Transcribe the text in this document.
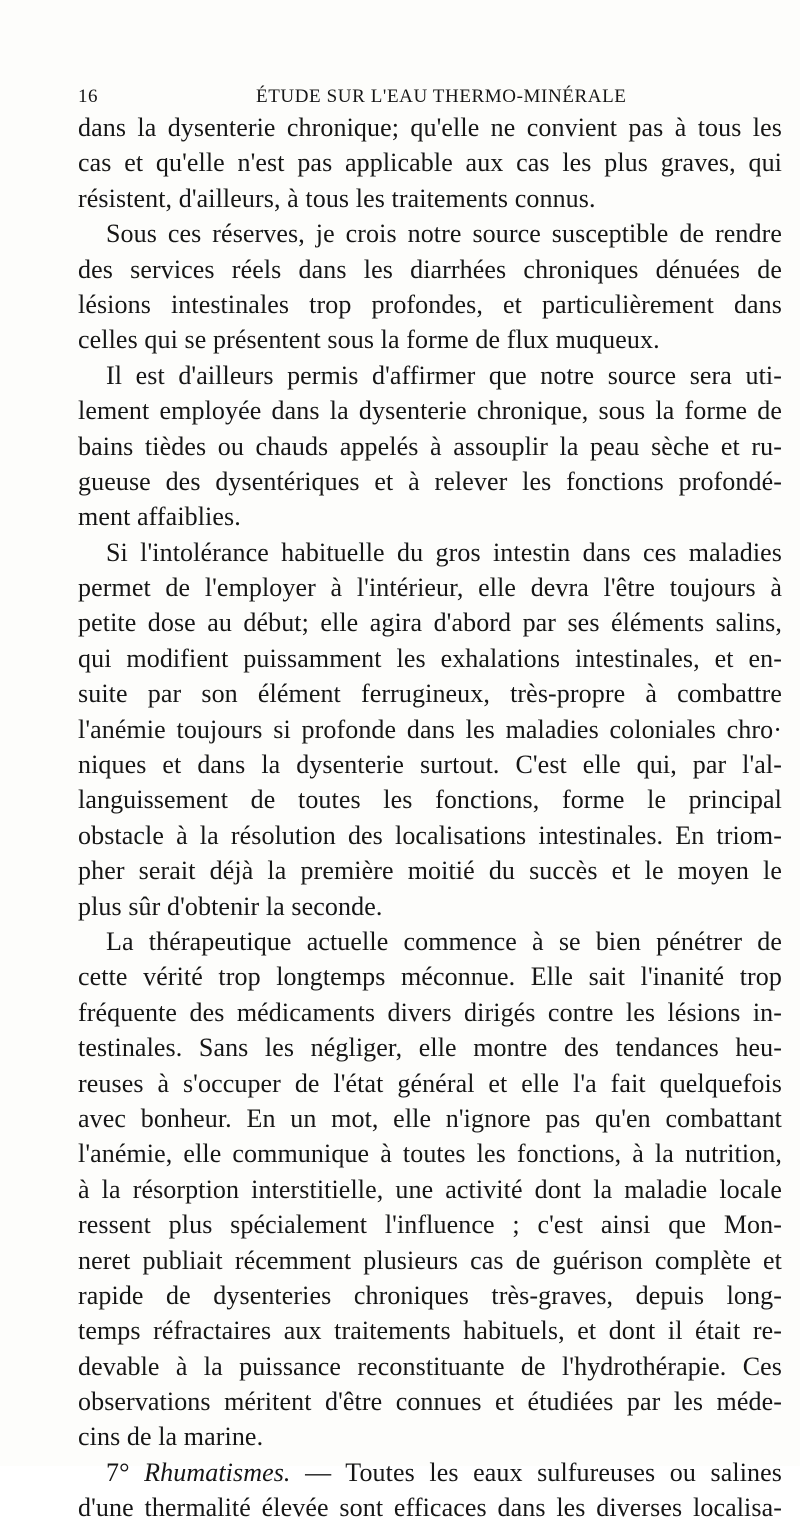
16	ÉTUDE SUR L'EAU THERMO-MINÉRALE
dans la dysenterie chronique; qu'elle ne convient pas à tous les
cas et qu'elle n'est pas applicable aux cas les plus graves, qui
résistent, d'ailleurs, à tous les traitements connus.
Sous ces réserves, je crois notre source susceptible de rendre
des services réels dans les diarrhées chroniques dénuées de
lésions intestinales trop profondes, et particulièrement dans
celles qui se présentent sous la forme de flux muqueux.
Il est d'ailleurs permis d'affirmer que notre source sera uti-
lement employée dans la dysenterie chronique, sous la forme de
bains tièdes ou chauds appelés à assouplir la peau sèche et ru-
gueuse des dysentériques et à relever les fonctions profondé-
ment affaiblies.
Si l'intolérance habituelle du gros intestin dans ces maladies
permet de l'employer à l'intérieur, elle devra l'être toujours à
petite dose au début; elle agira d'abord par ses éléments salins,
qui modifient puissamment les exhalations intestinales, et en-
suite par son élément ferrugineux, très-propre à combattre
l'anémie toujours si profonde dans les maladies coloniales chro·
niques et dans la dysenterie surtout. C'est elle qui, par l'al-
languissement de toutes les fonctions, forme le principal
obstacle à la résolution des localisations intestinales. En triom-
pher serait déjà la première moitié du succès et le moyen le
plus sûr d'obtenir la seconde.
La thérapeutique actuelle commence à se bien pénétrer de
cette vérité trop longtemps méconnue. Elle sait l'inanité trop
fréquente des médicaments divers dirigés contre les lésions in-
testinales. Sans les négliger, elle montre des tendances heu-
reuses à s'occuper de l'état général et elle l'a fait quelquefois
avec bonheur. En un mot, elle n'ignore pas qu'en combattant
l'anémie, elle communique à toutes les fonctions, à la nutrition,
à la résorption interstitielle, une activité dont la maladie locale
ressent plus spécialement l'influence ; c'est ainsi que Mon-
neret publiait récemment plusieurs cas de guérison complète et
rapide de dysenteries chroniques très-graves, depuis long-
temps réfractaires aux traitements habituels, et dont il était re-
devable à la puissance reconstituante de l'hydrothérapie. Ces
observations méritent d'être connues et étudiées par les méde-
cins de la marine.
7° Rhumatismes. — Toutes les eaux sulfureuses ou salines
d'une thermalité élevée sont efficaces dans les diverses localisa-
